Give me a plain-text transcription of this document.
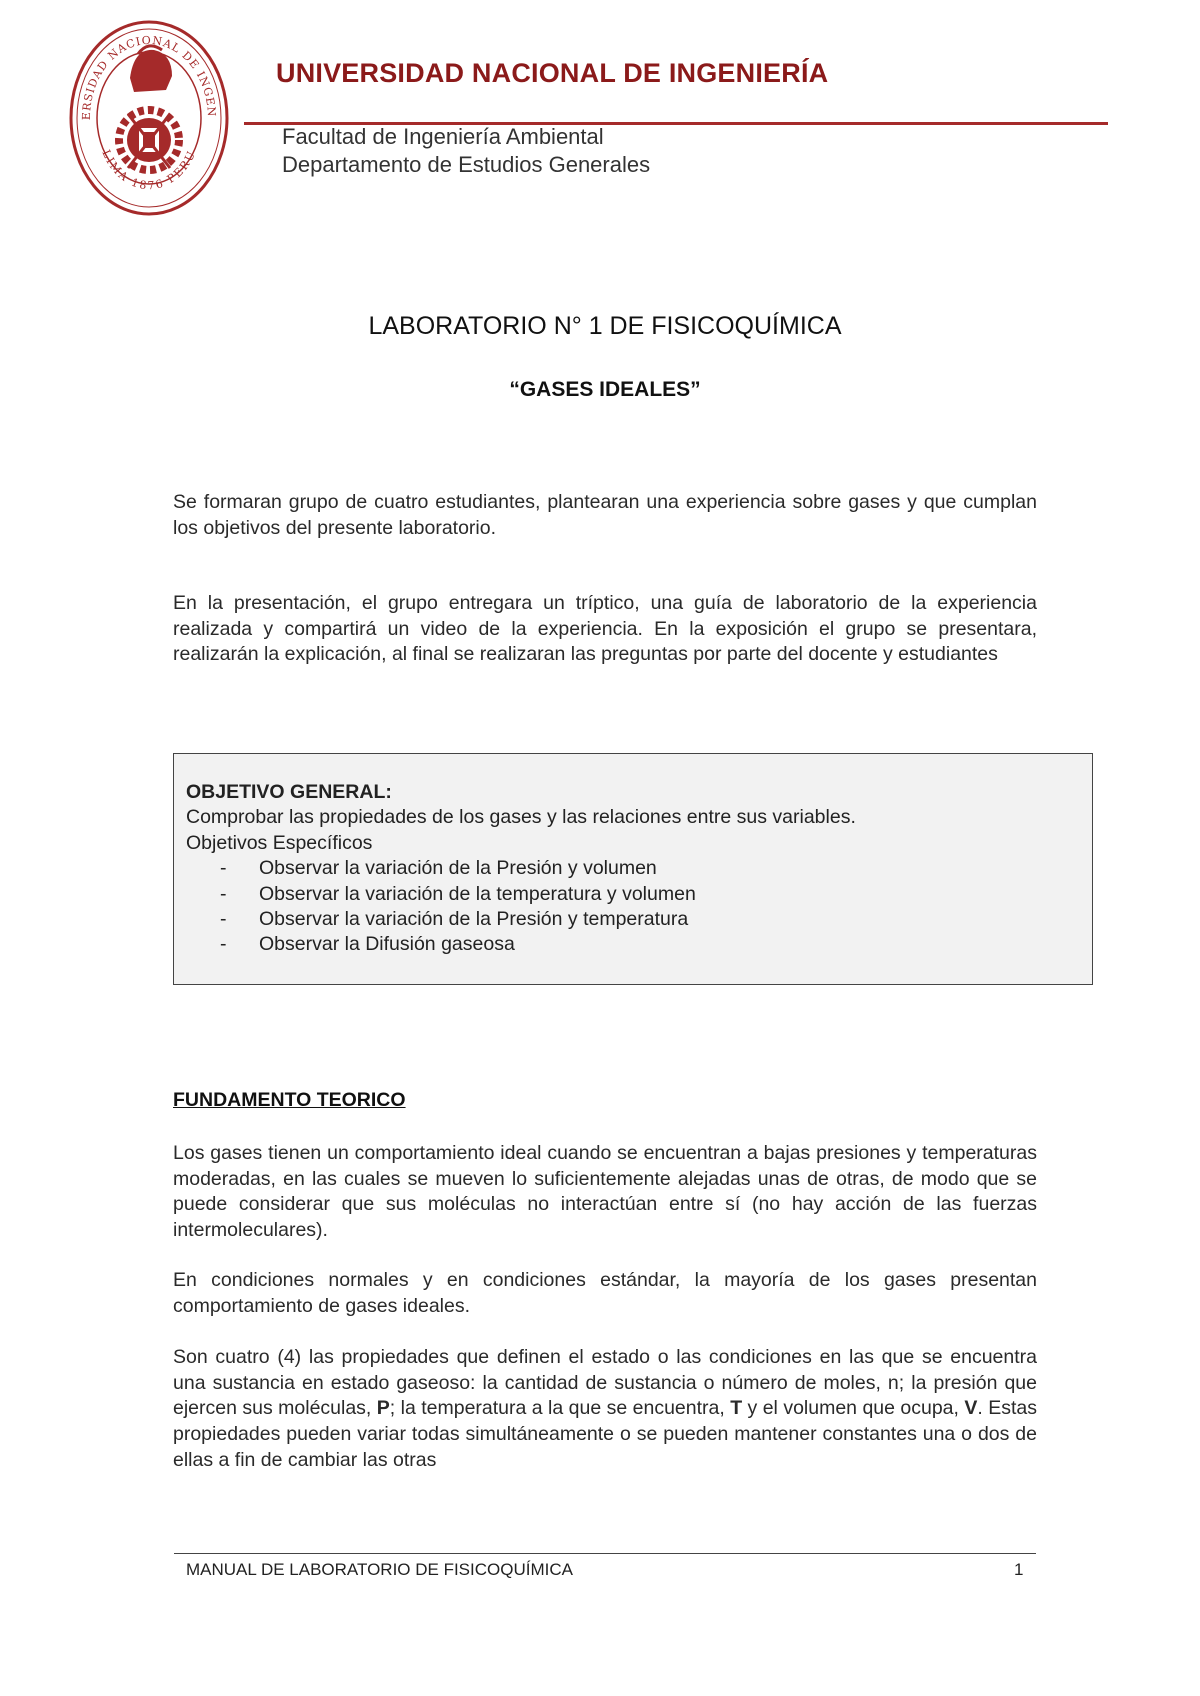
ERSIDAD NACIONAL DE INGEN
LIMA 1876 PERU
UNIVERSIDAD NACIONAL DE INGENIERÍA
Facultad de Ingeniería Ambiental
Departamento de Estudios Generales
LABORATORIO N° 1 DE FISICOQUÍMICA
“GASES IDEALES”
Se formaran grupo de cuatro estudiantes, plantearan una experiencia sobre gases y que cumplan los objetivos del presente laboratorio.
En la presentación, el grupo entregara un tríptico, una guía de laboratorio de la experiencia realizada y compartirá un video de la experiencia. En la exposición el grupo se presentara, realizarán la explicación, al final se realizaran las preguntas por parte del docente y estudiantes
OBJETIVO GENERAL:
Comprobar las propiedades de los gases y las relaciones entre sus variables.
Objetivos Específicos
- Observar la variación de la Presión y volumen
- Observar la variación de la temperatura y volumen
- Observar la variación de la Presión y temperatura
- Observar la Difusión gaseosa
FUNDAMENTO TEORICO
Los gases tienen un comportamiento ideal cuando se encuentran a bajas presiones y temperaturas moderadas, en las cuales se mueven lo suficientemente alejadas unas de otras, de modo que se puede considerar que sus moléculas no interactúan entre sí (no hay acción de las fuerzas intermoleculares).
En condiciones normales y en condiciones estándar, la mayoría de los gases presentan comportamiento de gases ideales.
Son cuatro (4) las propiedades que definen el estado o las condiciones en las que se encuentra una sustancia en estado gaseoso: la cantidad de sustancia o número de moles, n; la presión que ejercen sus moléculas, P; la temperatura a la que se encuentra, T y el volumen que ocupa, V. Estas propiedades pueden variar todas simultáneamente o se pueden mantener constantes una o dos de ellas a fin de cambiar las otras
MANUAL DE LABORATORIO DE FISICOQUÍMICA	1
